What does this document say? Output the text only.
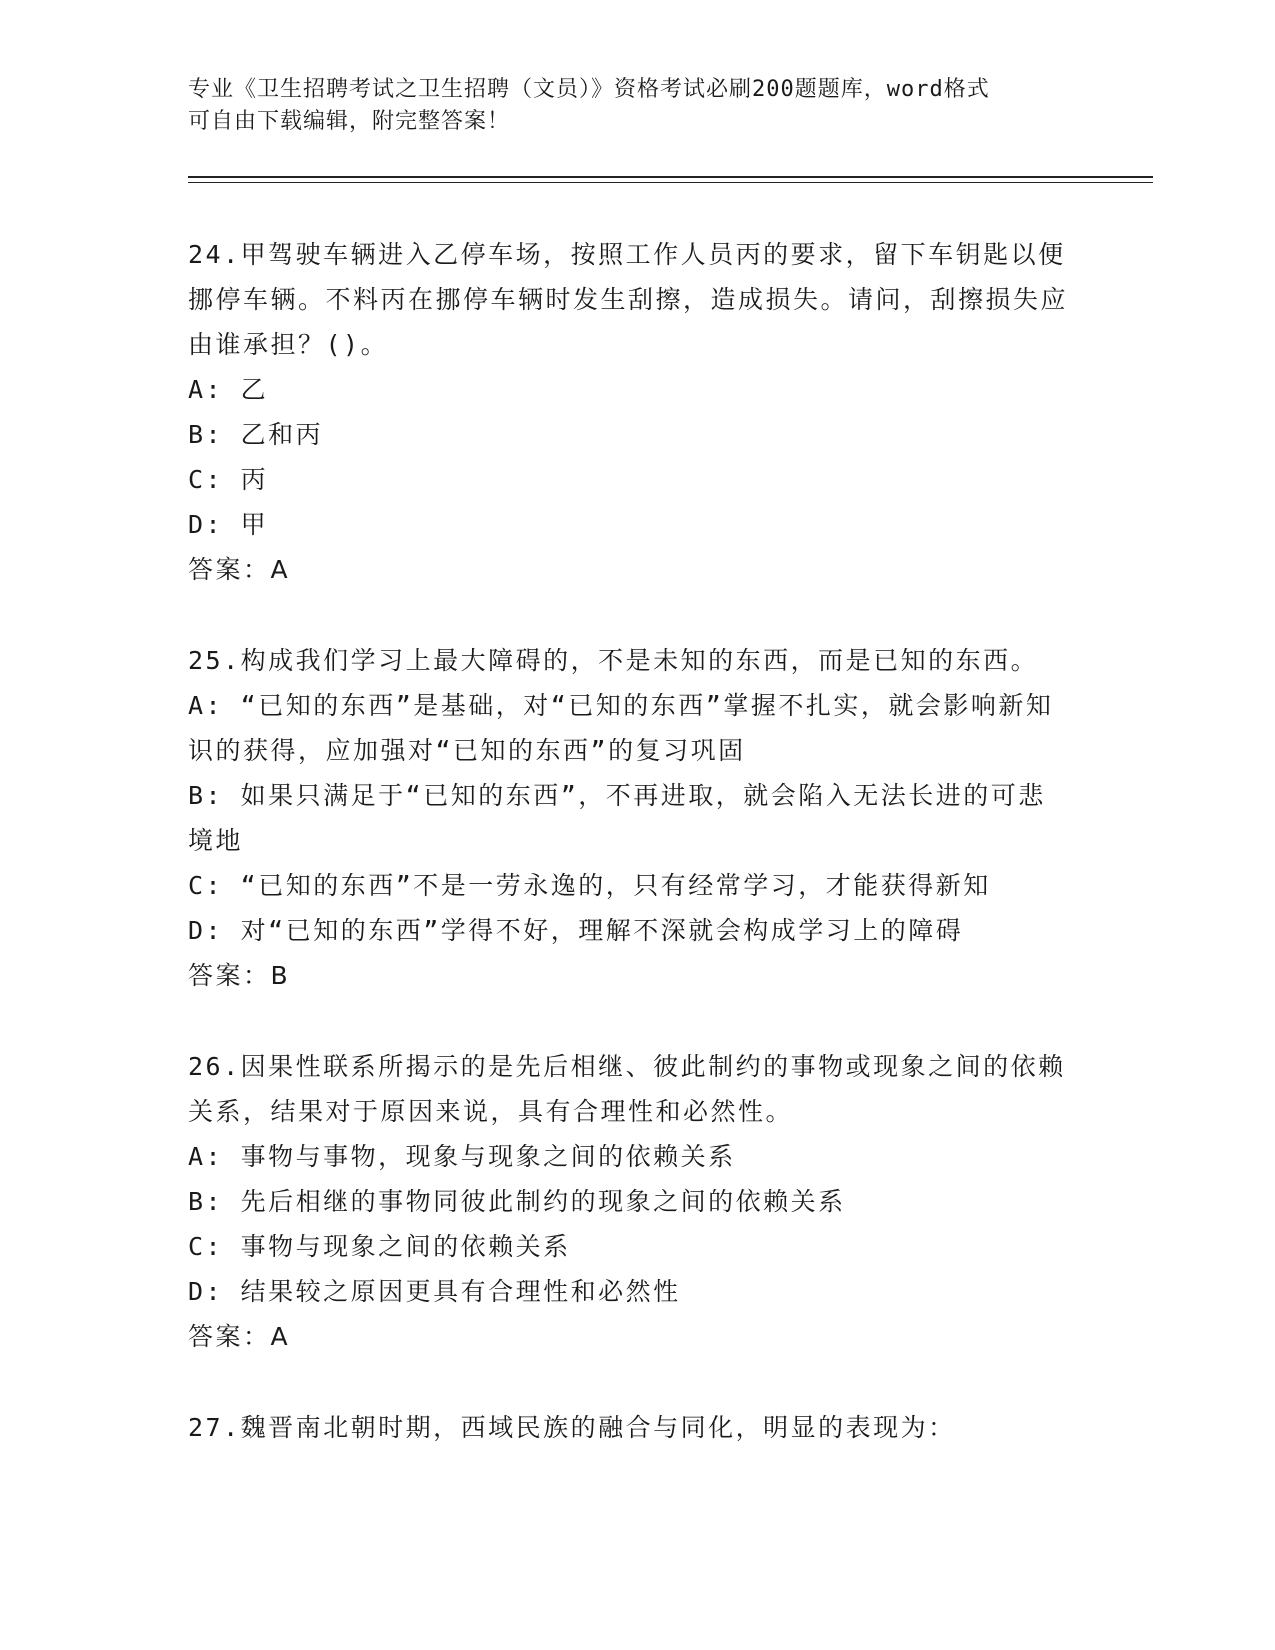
专业《卫生招聘考试之卫生招聘（文员）》资格考试必刷200题题库，word格式
可自由下载编辑，附完整答案！

24.甲驾驶车辆进入乙停车场，按照工作人员丙的要求，留下车钥匙以便挪停车辆。不料丙在挪停车辆时发生刮擦，造成损失。请问，刮擦损失应由谁承担？()。

A: 乙

B: 乙和丙

C: 丙

D: 甲

答案：A

25.构成我们学习上最大障碍的，不是未知的东西，而是已知的东西。

A: “已知的东西”是基础，对“已知的东西”掌握不扎实，就会影响新知识的获得，应加强对“已知的东西”的复习巩固

B: 如果只满足于“已知的东西”，不再进取，就会陷入无法长进的可悲境地

C: “已知的东西”不是一劳永逸的，只有经常学习，才能获得新知

D: 对“已知的东西”学得不好，理解不深就会构成学习上的障碍

答案：B

26.因果性联系所揭示的是先后相继、彼此制约的事物或现象之间的依赖关系，结果对于原因来说，具有合理性和必然性。

A: 事物与事物，现象与现象之间的依赖关系

B: 先后相继的事物同彼此制约的现象之间的依赖关系

C: 事物与现象之间的依赖关系

D: 结果较之原因更具有合理性和必然性

答案：A

27.魏晋南北朝时期，西域民族的融合与同化，明显的表现为：
